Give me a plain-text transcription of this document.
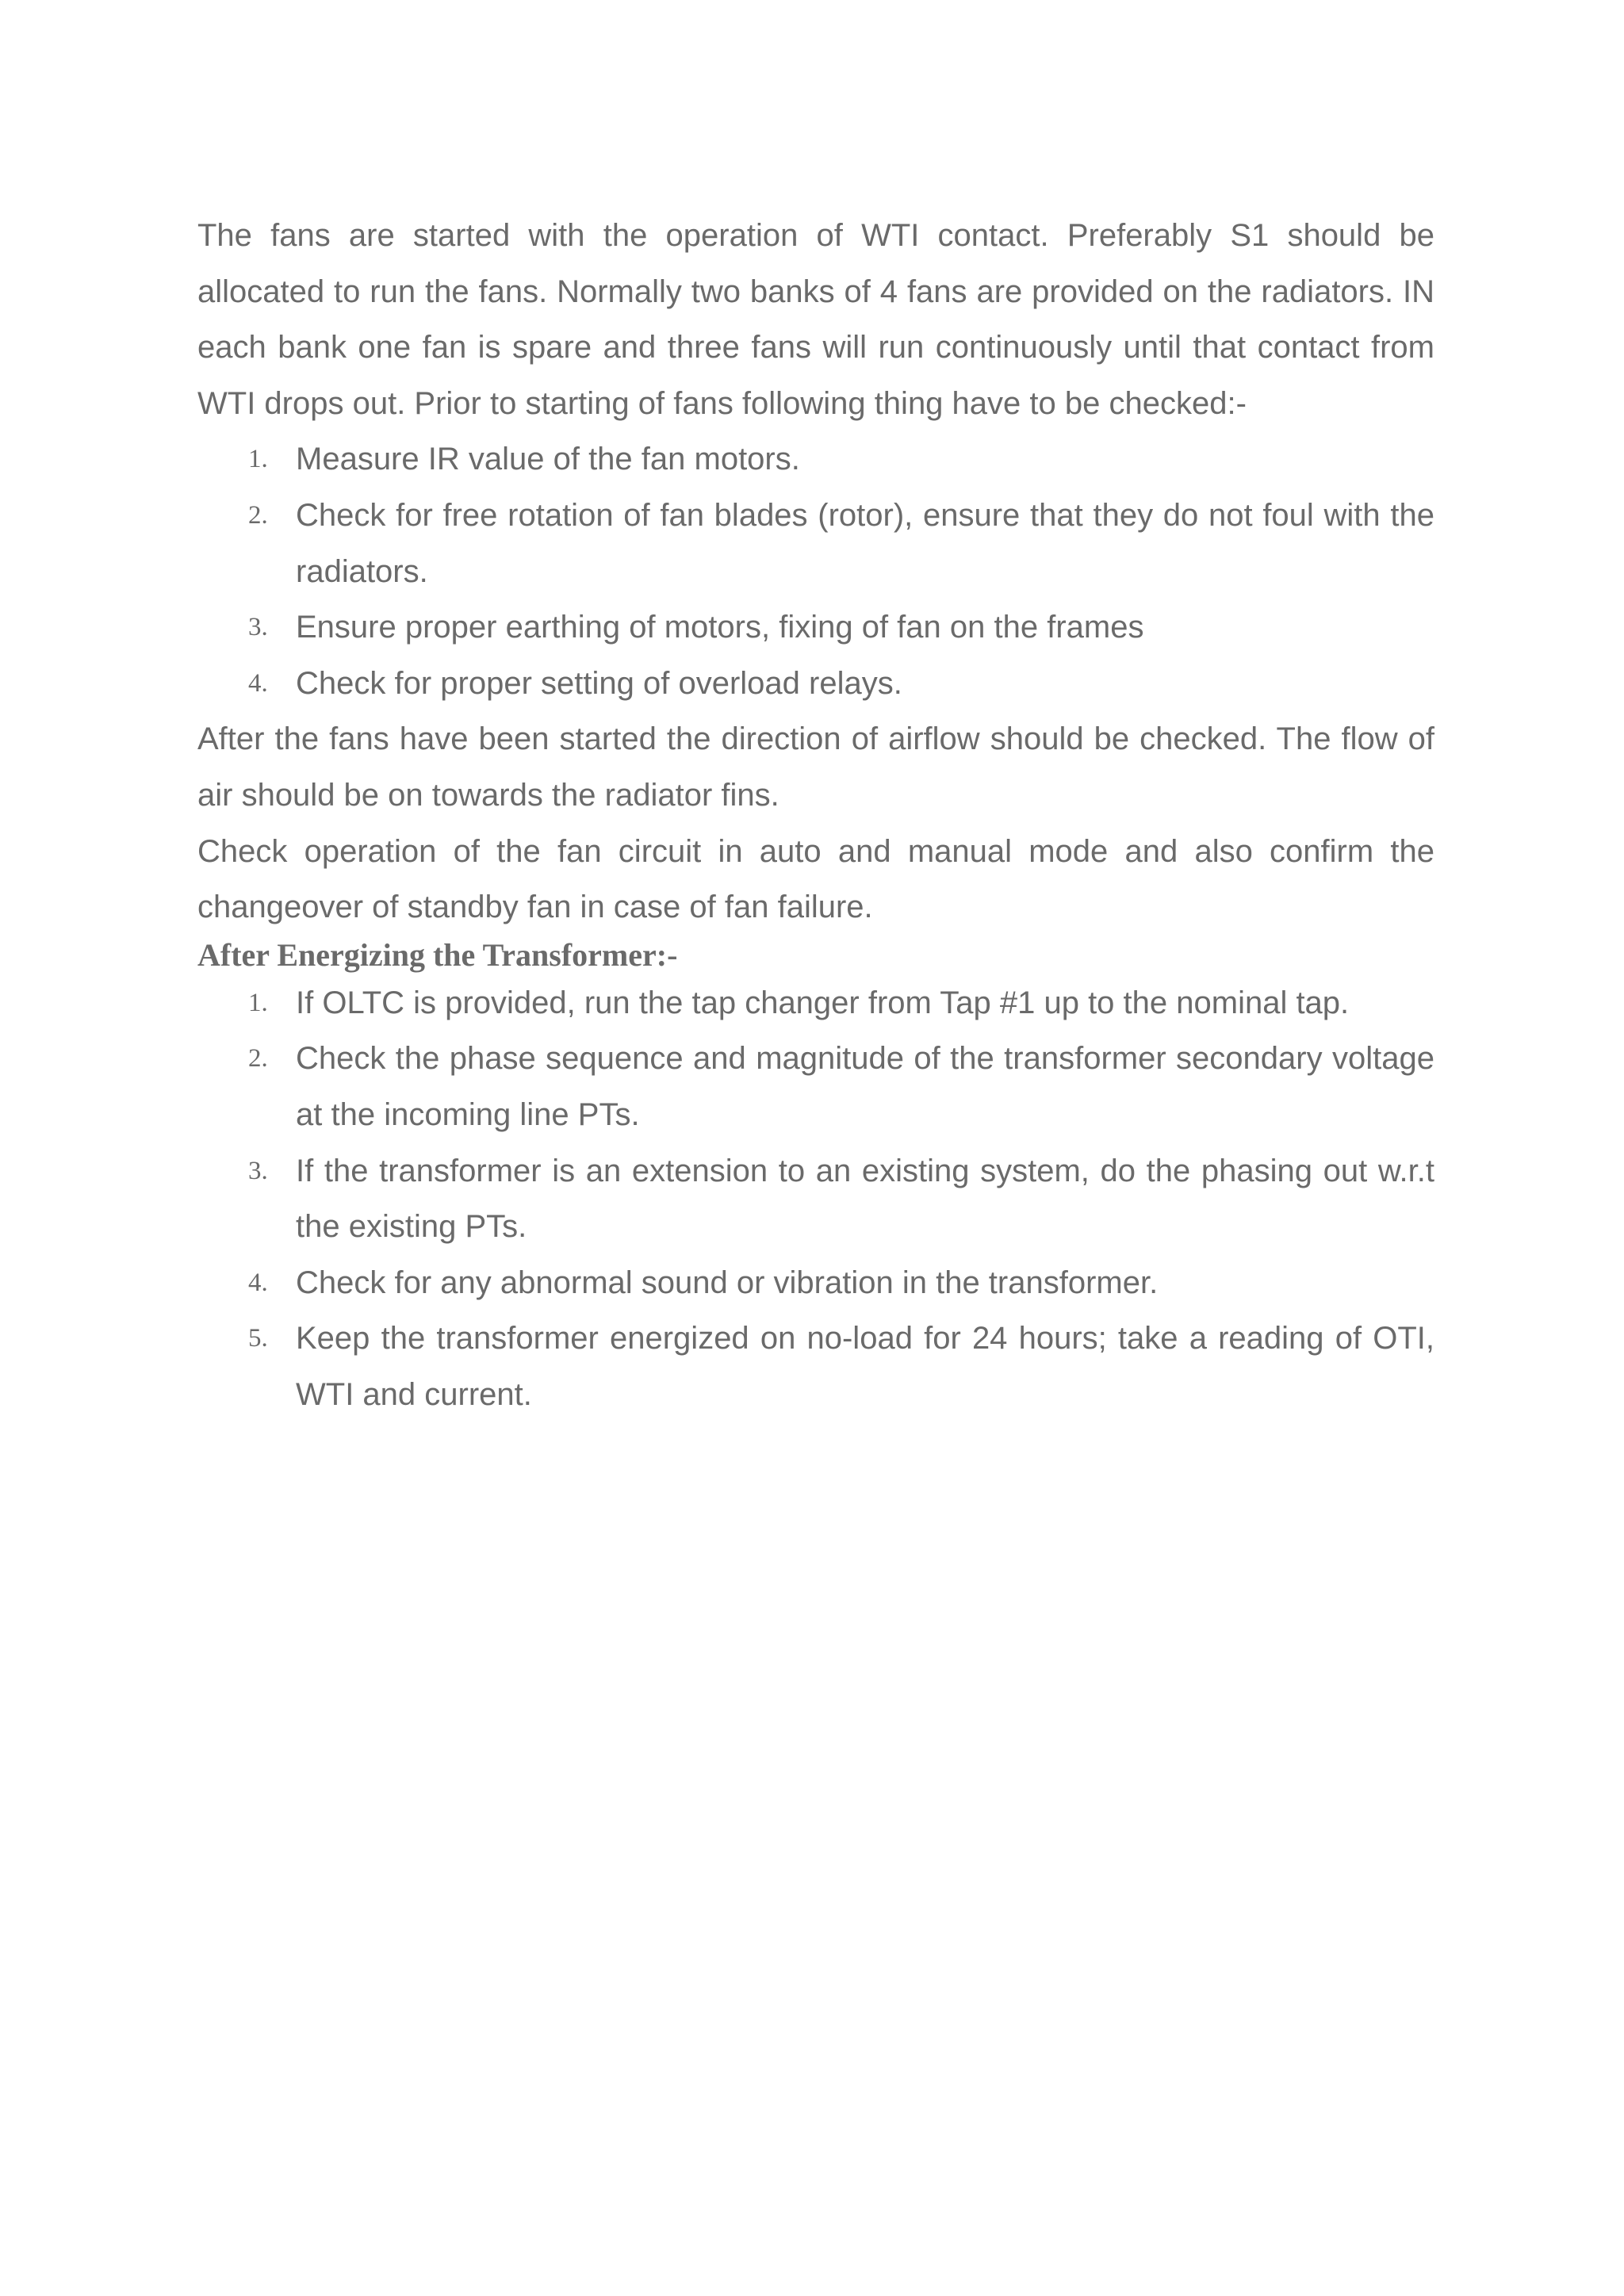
The fans are started with the operation of WTI contact. Preferably S1 should be allocated to run the fans. Normally two banks of 4 fans are provided on the radiators. IN each bank one fan is spare and three fans will run continuously until that contact from WTI drops out. Prior to starting of fans following thing have to be checked:-

1. Measure IR value of the fan motors.
2. Check for free rotation of fan blades (rotor), ensure that they do not foul with the radiators.
3. Ensure proper earthing of motors, fixing of fan on the frames
4. Check for proper setting of overload relays.

After the fans have been started the direction of airflow should be checked. The flow of air should be on towards the radiator fins.

Check operation of the fan circuit in auto and manual mode and also confirm the changeover of standby fan in case of fan failure.

After Energizing the Transformer:-
1. If OLTC is provided, run the tap changer from Tap #1 up to the nominal tap.
2. Check the phase sequence and magnitude of the transformer secondary voltage at the incoming line PTs.
3. If the transformer is an extension to an existing system, do the phasing out w.r.t the existing PTs.
4. Check for any abnormal sound or vibration in the transformer.
5. Keep the transformer energized on no-load for 24 hours; take a reading of OTI, WTI and current.
